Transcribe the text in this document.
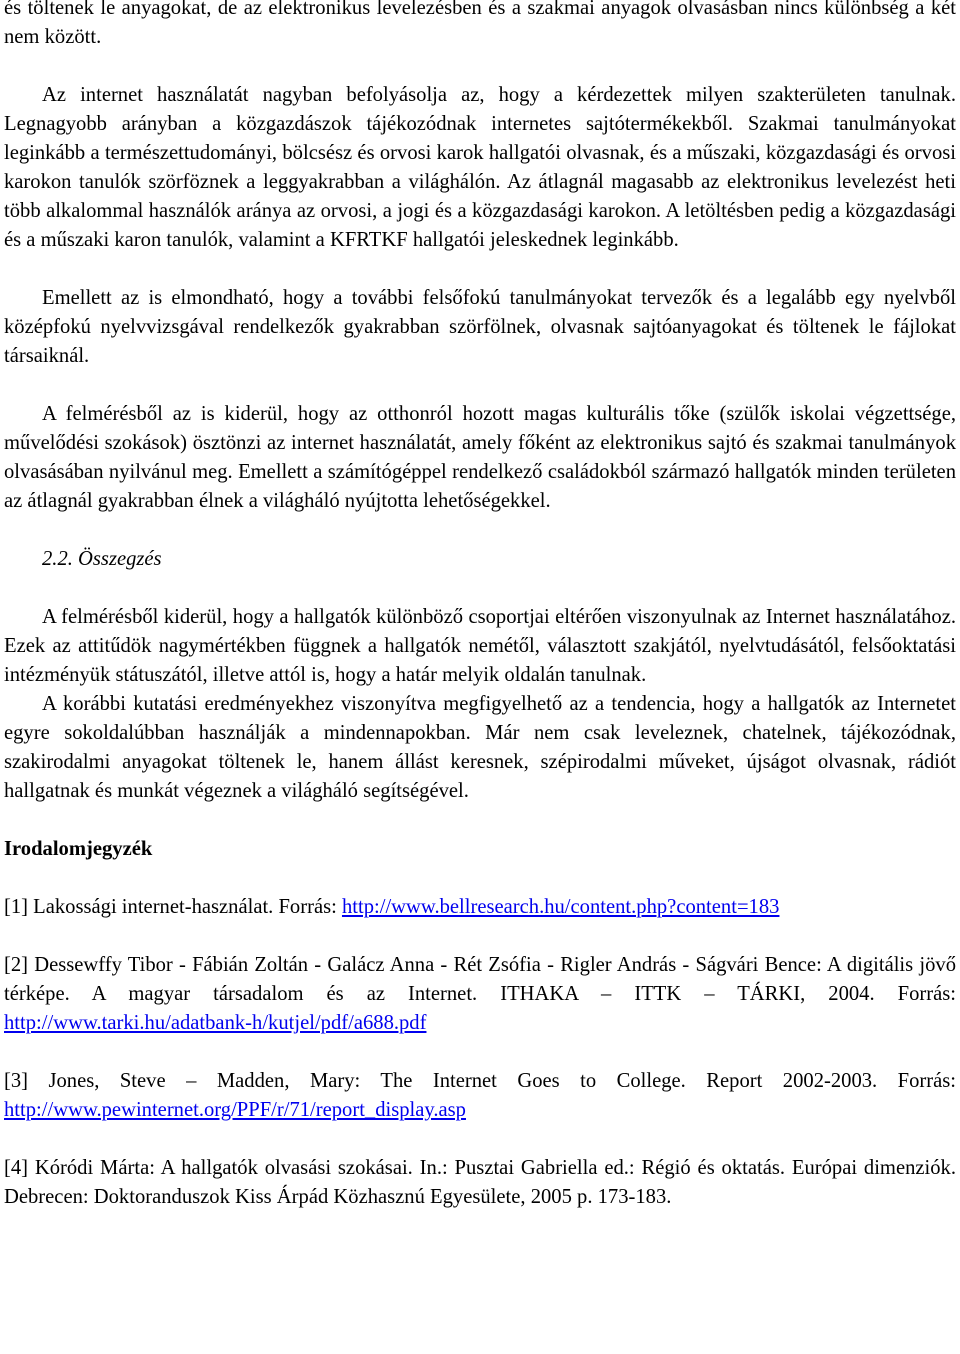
és töltenek le anyagokat, de az elektronikus levelezésben és a szakmai anyagok olvasásban nincs különbség a két nem között.

Az internet használatát nagyban befolyásolja az, hogy a kérdezettek milyen szakterületen tanulnak. Legnagyobb arányban a közgazdászok tájékozódnak internetes sajtótermékekből. Szakmai tanulmányokat leginkább a természettudományi, bölcsész és orvosi karok hallgatói olvasnak, és a műszaki, közgazdasági és orvosi karokon tanulók szörföznek a leggyakrabban a világhálón. Az átlagnál magasabb az elektronikus levelezést heti több alkalommal használók aránya az orvosi, a jogi és a közgazdasági karokon. A letöltésben pedig a közgazdasági és a műszaki karon tanulók, valamint a KFRTKF hallgatói jeleskednek leginkább.

Emellett az is elmondható, hogy a további felsőfokú tanulmányokat tervezők és a legalább egy nyelvből középfokú nyelvvizsgával rendelkezők gyakrabban szörfölnek, olvasnak sajtóanyagokat és töltenek le fájlokat társaiknál.

A felmérésből az is kiderül, hogy az otthonról hozott magas kulturális tőke (szülők iskolai végzettsége, művelődési szokások) ösztönzi az internet használatát, amely főként az elektronikus sajtó és szakmai tanulmányok olvasásában nyilvánul meg. Emellett a számítógéppel rendelkező családokból származó hallgatók minden területen az átlagnál gyakrabban élnek a világháló nyújtotta lehetőségekkel.

2.2. Összegzés

A felmérésből kiderül, hogy a hallgatók különböző csoportjai eltérően viszonyulnak az Internet használatához. Ezek az attitűdök nagymértékben függnek a hallgatók nemétől, választott szakjától, nyelvtudásától, felsőoktatási intézményük státuszától, illetve attól is, hogy a határ melyik oldalán tanulnak.

A korábbi kutatási eredményekhez viszonyítva megfigyelhető az a tendencia, hogy a hallgatók az Internetet egyre sokoldalúbban használják a mindennapokban. Már nem csak leveleznek, chatelnek, tájékozódnak, szakirodalmi anyagokat töltenek le, hanem állást keresnek, szépirodalmi műveket, újságot olvasnak, rádiót hallgatnak és munkát végeznek a világháló segítségével.

Irodalomjegyzék

[1] Lakossági internet-használat. Forrás: http://www.bellresearch.hu/content.php?content=183

[2] Dessewffy Tibor - Fábián Zoltán - Galácz Anna - Rét Zsófia - Rigler András - Ságvári Bence: A digitális jövő térképe. A magyar társadalom és az Internet. ITHAKA – ITTK – TÁRKI, 2004. Forrás: http://www.tarki.hu/adatbank-h/kutjel/pdf/a688.pdf

[3] Jones, Steve – Madden, Mary: The Internet Goes to College. Report 2002-2003. Forrás: http://www.pewinternet.org/PPF/r/71/report_display.asp

[4] Kóródi Márta: A hallgatók olvasási szokásai. In.: Pusztai Gabriella ed.: Régió és oktatás. Európai dimenziók. Debrecen: Doktoranduszok Kiss Árpád Közhasznú Egyesülete, 2005 p. 173-183.
